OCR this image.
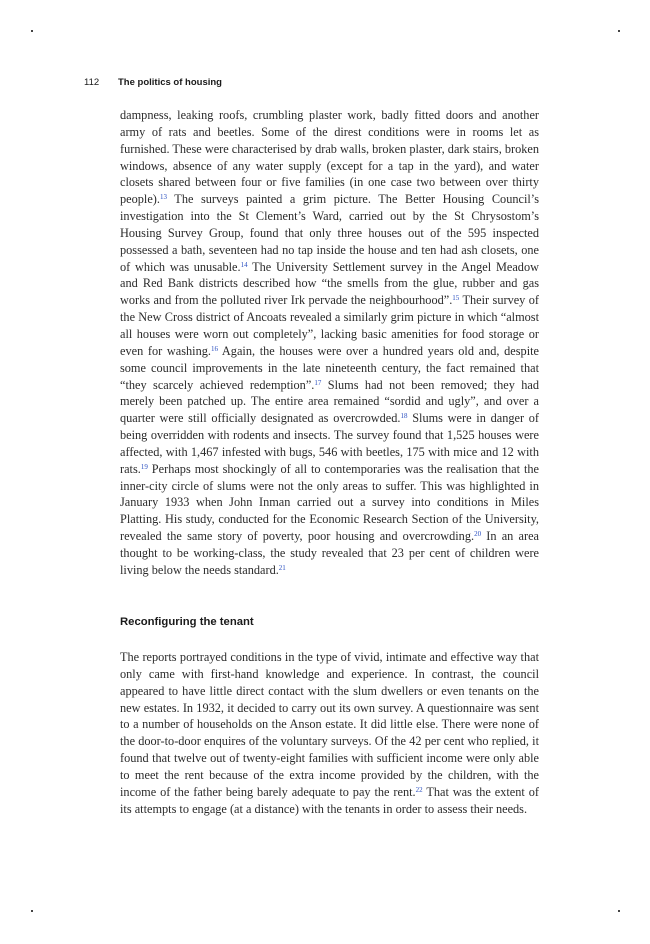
112 The politics of housing

dampness, leaking roofs, crumbling plaster work, badly fitted doors and another army of rats and beetles. Some of the direst conditions were in rooms let as furnished. These were characterised by drab walls, broken plaster, dark stairs, broken windows, absence of any water supply (except for a tap in the yard), and water closets shared between four or five families (in one case two between over thirty people).$^{13}$ The surveys painted a grim picture. The Better Housing Council’s investigation into the St Clement’s Ward, carried out by the St Chrysostom’s Housing Survey Group, found that only three houses out of the 595 inspected possessed a bath, seventeen had no tap inside the house and ten had ash closets, one of which was unusable.$^{14}$ The University Settlement survey in the Angel Meadow and Red Bank districts described how “the smells from the glue, rubber and gas works and from the polluted river Irk pervade the neighbourhood”.$^{15}$ Their survey of the New Cross district of Ancoats revealed a similarly grim picture in which “almost all houses were worn out completely”, lacking basic amenities for food storage or even for washing.$^{16}$ Again, the houses were over a hundred years old and, despite some council improvements in the late nineteenth century, the fact remained that “they scarcely achieved redemption”.$^{17}$ Slums had not been removed; they had merely been patched up. The entire area remained “sordid and ugly”, and over a quarter were still officially designated as overcrowded.$^{18}$ Slums were in danger of being overridden with rodents and insects. The survey found that 1,525 houses were affected, with 1,467 infested with bugs, 546 with beetles, 175 with mice and 12 with rats.$^{19}$ Perhaps most shockingly of all to contemporaries was the realisation that the inner-city circle of slums were not the only areas to suffer. This was highlighted in January 1933 when John Inman carried out a survey into conditions in Miles Platting. His study, conducted for the Economic Research Section of the University, revealed the same story of poverty, poor housing and overcrowding.$^{20}$ In an area thought to be working-class, the study revealed that 23 per cent of children were living below the needs standard.$^{21}$

Reconfiguring the tenant

The reports portrayed conditions in the type of vivid, intimate and effective way that only came with first-hand knowledge and experience. In contrast, the council appeared to have little direct contact with the slum dwellers or even tenants on the new estates. In 1932, it decided to carry out its own survey. A questionnaire was sent to a number of households on the Anson estate. It did little else. There were none of the door-to-door enquires of the voluntary surveys. Of the 42 per cent who replied, it found that twelve out of twenty-eight families with sufficient income were only able to meet the rent because of the extra income provided by the children, with the income of the father being barely adequate to pay the rent.$^{22}$ That was the extent of its attempts to engage (at a distance) with the tenants in order to assess their needs.
